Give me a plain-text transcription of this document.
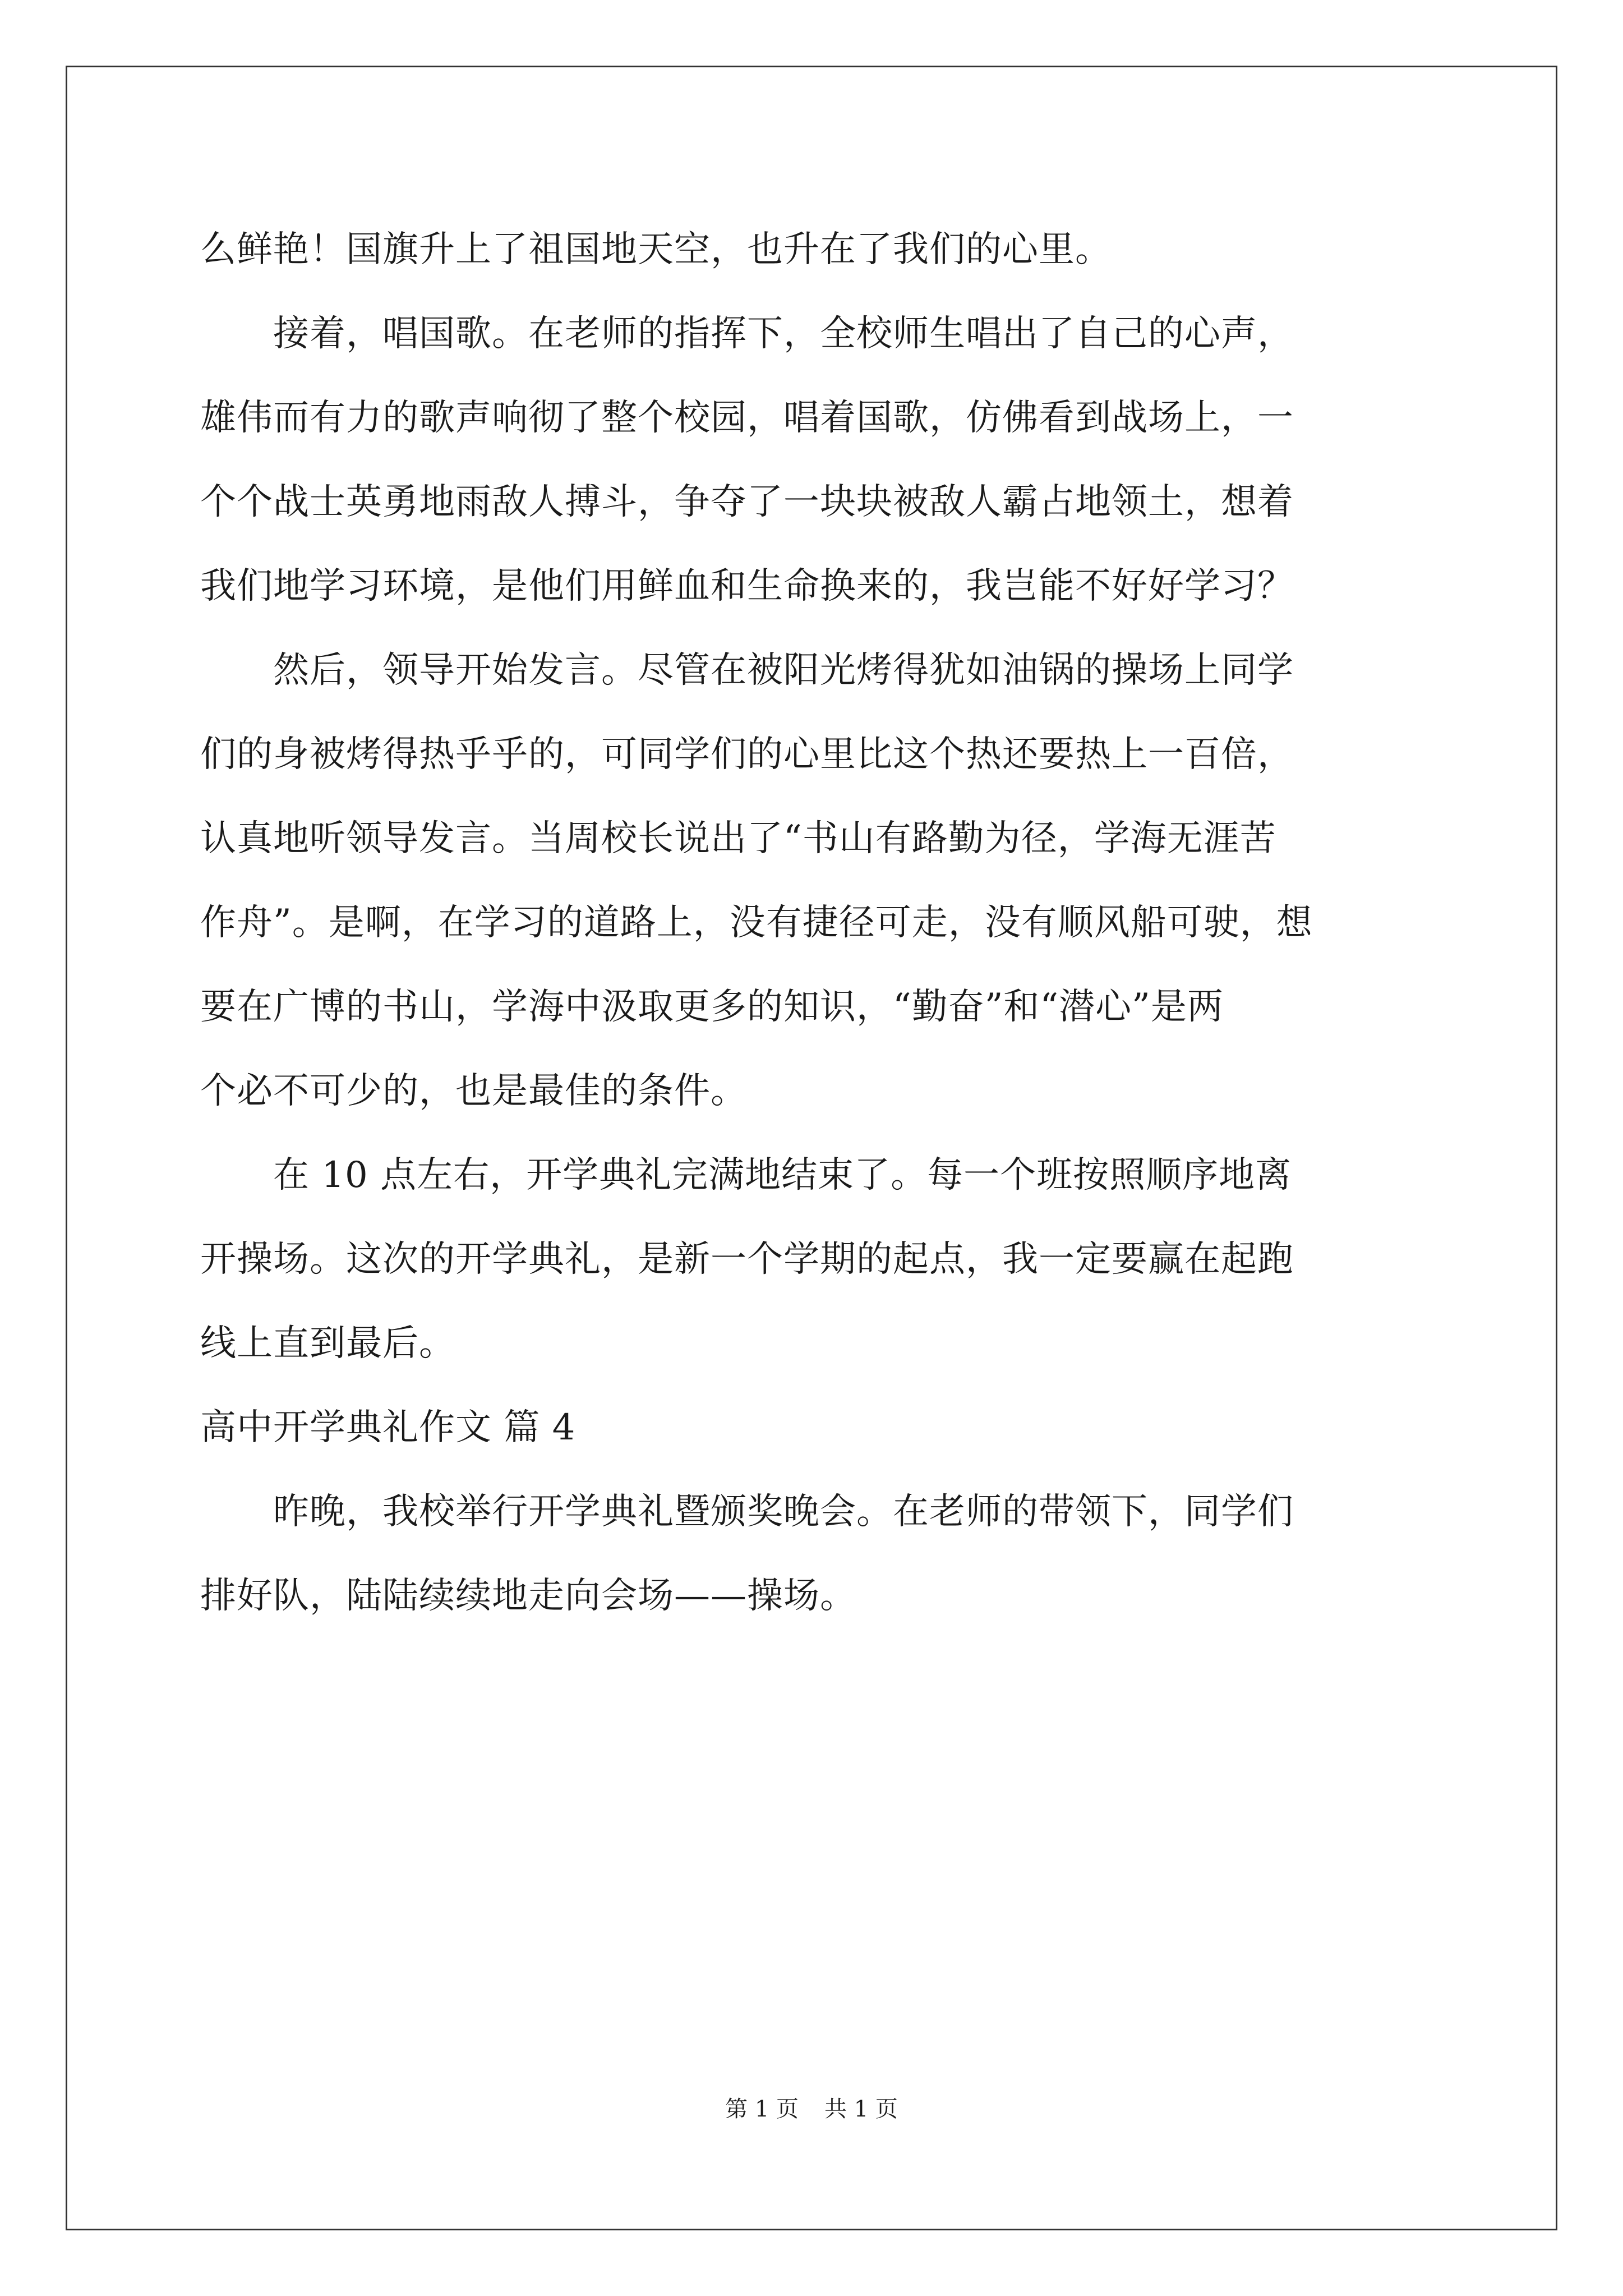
么鲜艳！国旗升上了祖国地天空，也升在了我们的心里。
接着，唱国歌。在老师的指挥下，全校师生唱出了自己的心声，
雄伟而有力的歌声响彻了整个校园，唱着国歌，仿佛看到战场上，一
个个战士英勇地雨敌人搏斗，争夺了一块块被敌人霸占地领土，想着
我们地学习环境，是他们用鲜血和生命换来的，我岂能不好好学习？
然后，领导开始发言。尽管在被阳光烤得犹如油锅的操场上同学
们的身被烤得热乎乎的，可同学们的心里比这个热还要热上一百倍，
认真地听领导发言。当周校长说出了“书山有路勤为径，学海无涯苦
作舟”。是啊，在学习的道路上，没有捷径可走，没有顺风船可驶，想
要在广博的书山，学海中汲取更多的知识，“勤奋”和“潜心”是两
个必不可少的，也是最佳的条件。
在 10 点左右，开学典礼完满地结束了。每一个班按照顺序地离
开操场。这次的开学典礼，是新一个学期的起点，我一定要赢在起跑
线上直到最后。
高中开学典礼作文 篇 4
昨晚，我校举行开学典礼暨颁奖晚会。在老师的带领下，同学们
排好队，陆陆续续地走向会场——操场。
第 1 页 共 1 页
